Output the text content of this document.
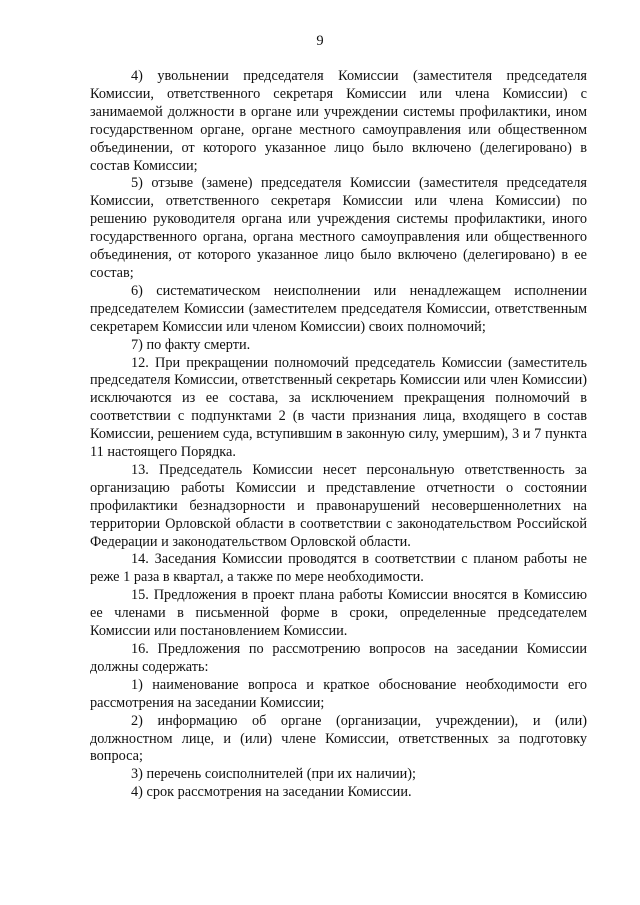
9

4) увольнении председателя Комиссии (заместителя председателя Комиссии, ответственного секретаря Комиссии или члена Комиссии) с занимаемой должности в органе или учреждении системы профилактики, ином государственном органе, органе местного самоуправления или общественном объединении, от которого указанное лицо было включено (делегировано) в состав Комиссии;

5) отзыве (замене) председателя Комиссии (заместителя председателя Комиссии, ответственного секретаря Комиссии или члена Комиссии) по решению руководителя органа или учреждения системы профилактики, иного государственного органа, органа местного самоуправления или общественного объединения, от которого указанное лицо было включено (делегировано) в ее состав;

6) систематическом неисполнении или ненадлежащем исполнении председателем Комиссии (заместителем председателя Комиссии, ответственным секретарем Комиссии или членом Комиссии) своих полномочий;

7) по факту смерти.

12. При прекращении полномочий председатель Комиссии (заместитель председателя Комиссии, ответственный секретарь Комиссии или член Комиссии) исключаются из ее состава, за исключением прекращения полномочий в соответствии с подпунктами 2 (в части признания лица, входящего в состав Комиссии, решением суда, вступившим в законную силу, умершим), 3 и 7 пункта 11 настоящего Порядка.

13. Председатель Комиссии несет персональную ответственность за организацию работы Комиссии и представление отчетности о состоянии профилактики безнадзорности и правонарушений несовершеннолетних на территории Орловской области в соответствии с законодательством Российской Федерации и законодательством Орловской области.

14. Заседания Комиссии проводятся в соответствии с планом работы не реже 1 раза в квартал, а также по мере необходимости.

15. Предложения в проект плана работы Комиссии вносятся в Комиссию ее членами в письменной форме в сроки, определенные председателем Комиссии или постановлением Комиссии.

16. Предложения по рассмотрению вопросов на заседании Комиссии должны содержать:

1) наименование вопроса и краткое обоснование необходимости его рассмотрения на заседании Комиссии;

2) информацию об органе (организации, учреждении), и (или) должностном лице, и (или) члене Комиссии, ответственных за подготовку вопроса;

3) перечень соисполнителей (при их наличии);

4) срок рассмотрения на заседании Комиссии.
